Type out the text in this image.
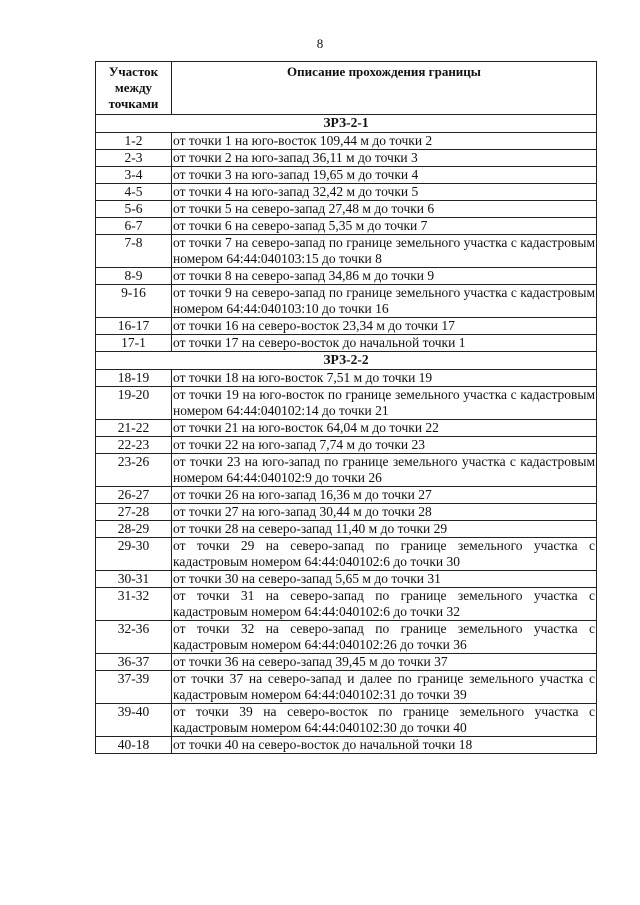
8
Участок
между
точками	Описание прохождения границы
ЗРЗ-2-1	
1-2	от точки 1 на юго-восток 109,44 м до точки 2
2-3	от точки 2 на юго-запад 36,11 м до точки 3
3-4	от точки 3 на юго-запад 19,65 м до точки 4
4-5	от точки 4 на юго-запад 32,42 м до точки 5
5-6	от точки 5 на северо-запад 27,48 м до точки 6
6-7	от точки 6 на северо-запад 5,35 м до точки 7
7-8	от точки 7 на северо-запад по границе земельного участка с кадастровым номером 64:44:040103:15 до точки 8
8-9	от точки 8 на северо-запад 34,86 м до точки 9
9-16	от точки 9 на северо-запад по границе земельного участка с кадастровым номером 64:44:040103:10 до точки 16
16-17	от точки 16 на северо-восток 23,34 м до точки 17
17-1	от точки 17 на северо-восток до начальной точки 1
ЗРЗ-2-2	
18-19	от точки 18 на юго-восток 7,51 м до точки 19
19-20	от точки 19 на юго-восток по границе земельного участка с кадастровым номером 64:44:040102:14 до точки 21
21-22	от точки 21 на юго-восток 64,04 м до точки 22
22-23	от точки 22 на юго-запад 7,74 м до точки 23
23-26	от точки 23 на юго-запад по границе земельного участка с кадастровым номером 64:44:040102:9 до точки 26
26-27	от точки 26 на юго-запад 16,36 м до точки 27
27-28	от точки 27 на юго-запад 30,44 м до точки 28
28-29	от точки 28 на северо-запад 11,40 м до точки 29
29-30	от точки 29 на северо-запад по границе земельного участка с кадастровым номером 64:44:040102:6 до точки 30
30-31	от точки 30 на северо-запад 5,65 м до точки 31
31-32	от точки 31 на северо-запад по границе земельного участка с кадастровым номером 64:44:040102:6 до точки 32
32-36	от точки 32 на северо-запад по границе земельного участка с кадастровым номером 64:44:040102:26 до точки 36
36-37	от точки 36 на северо-запад 39,45 м до точки 37
37-39	от точки 37 на северо-запад и далее по границе земельного участка с кадастровым номером 64:44:040102:31 до точки 39
39-40	от точки 39 на северо-восток по границе земельного участка с кадастровым номером 64:44:040102:30 до точки 40
40-18	от точки 40 на северо-восток до начальной точки 18
